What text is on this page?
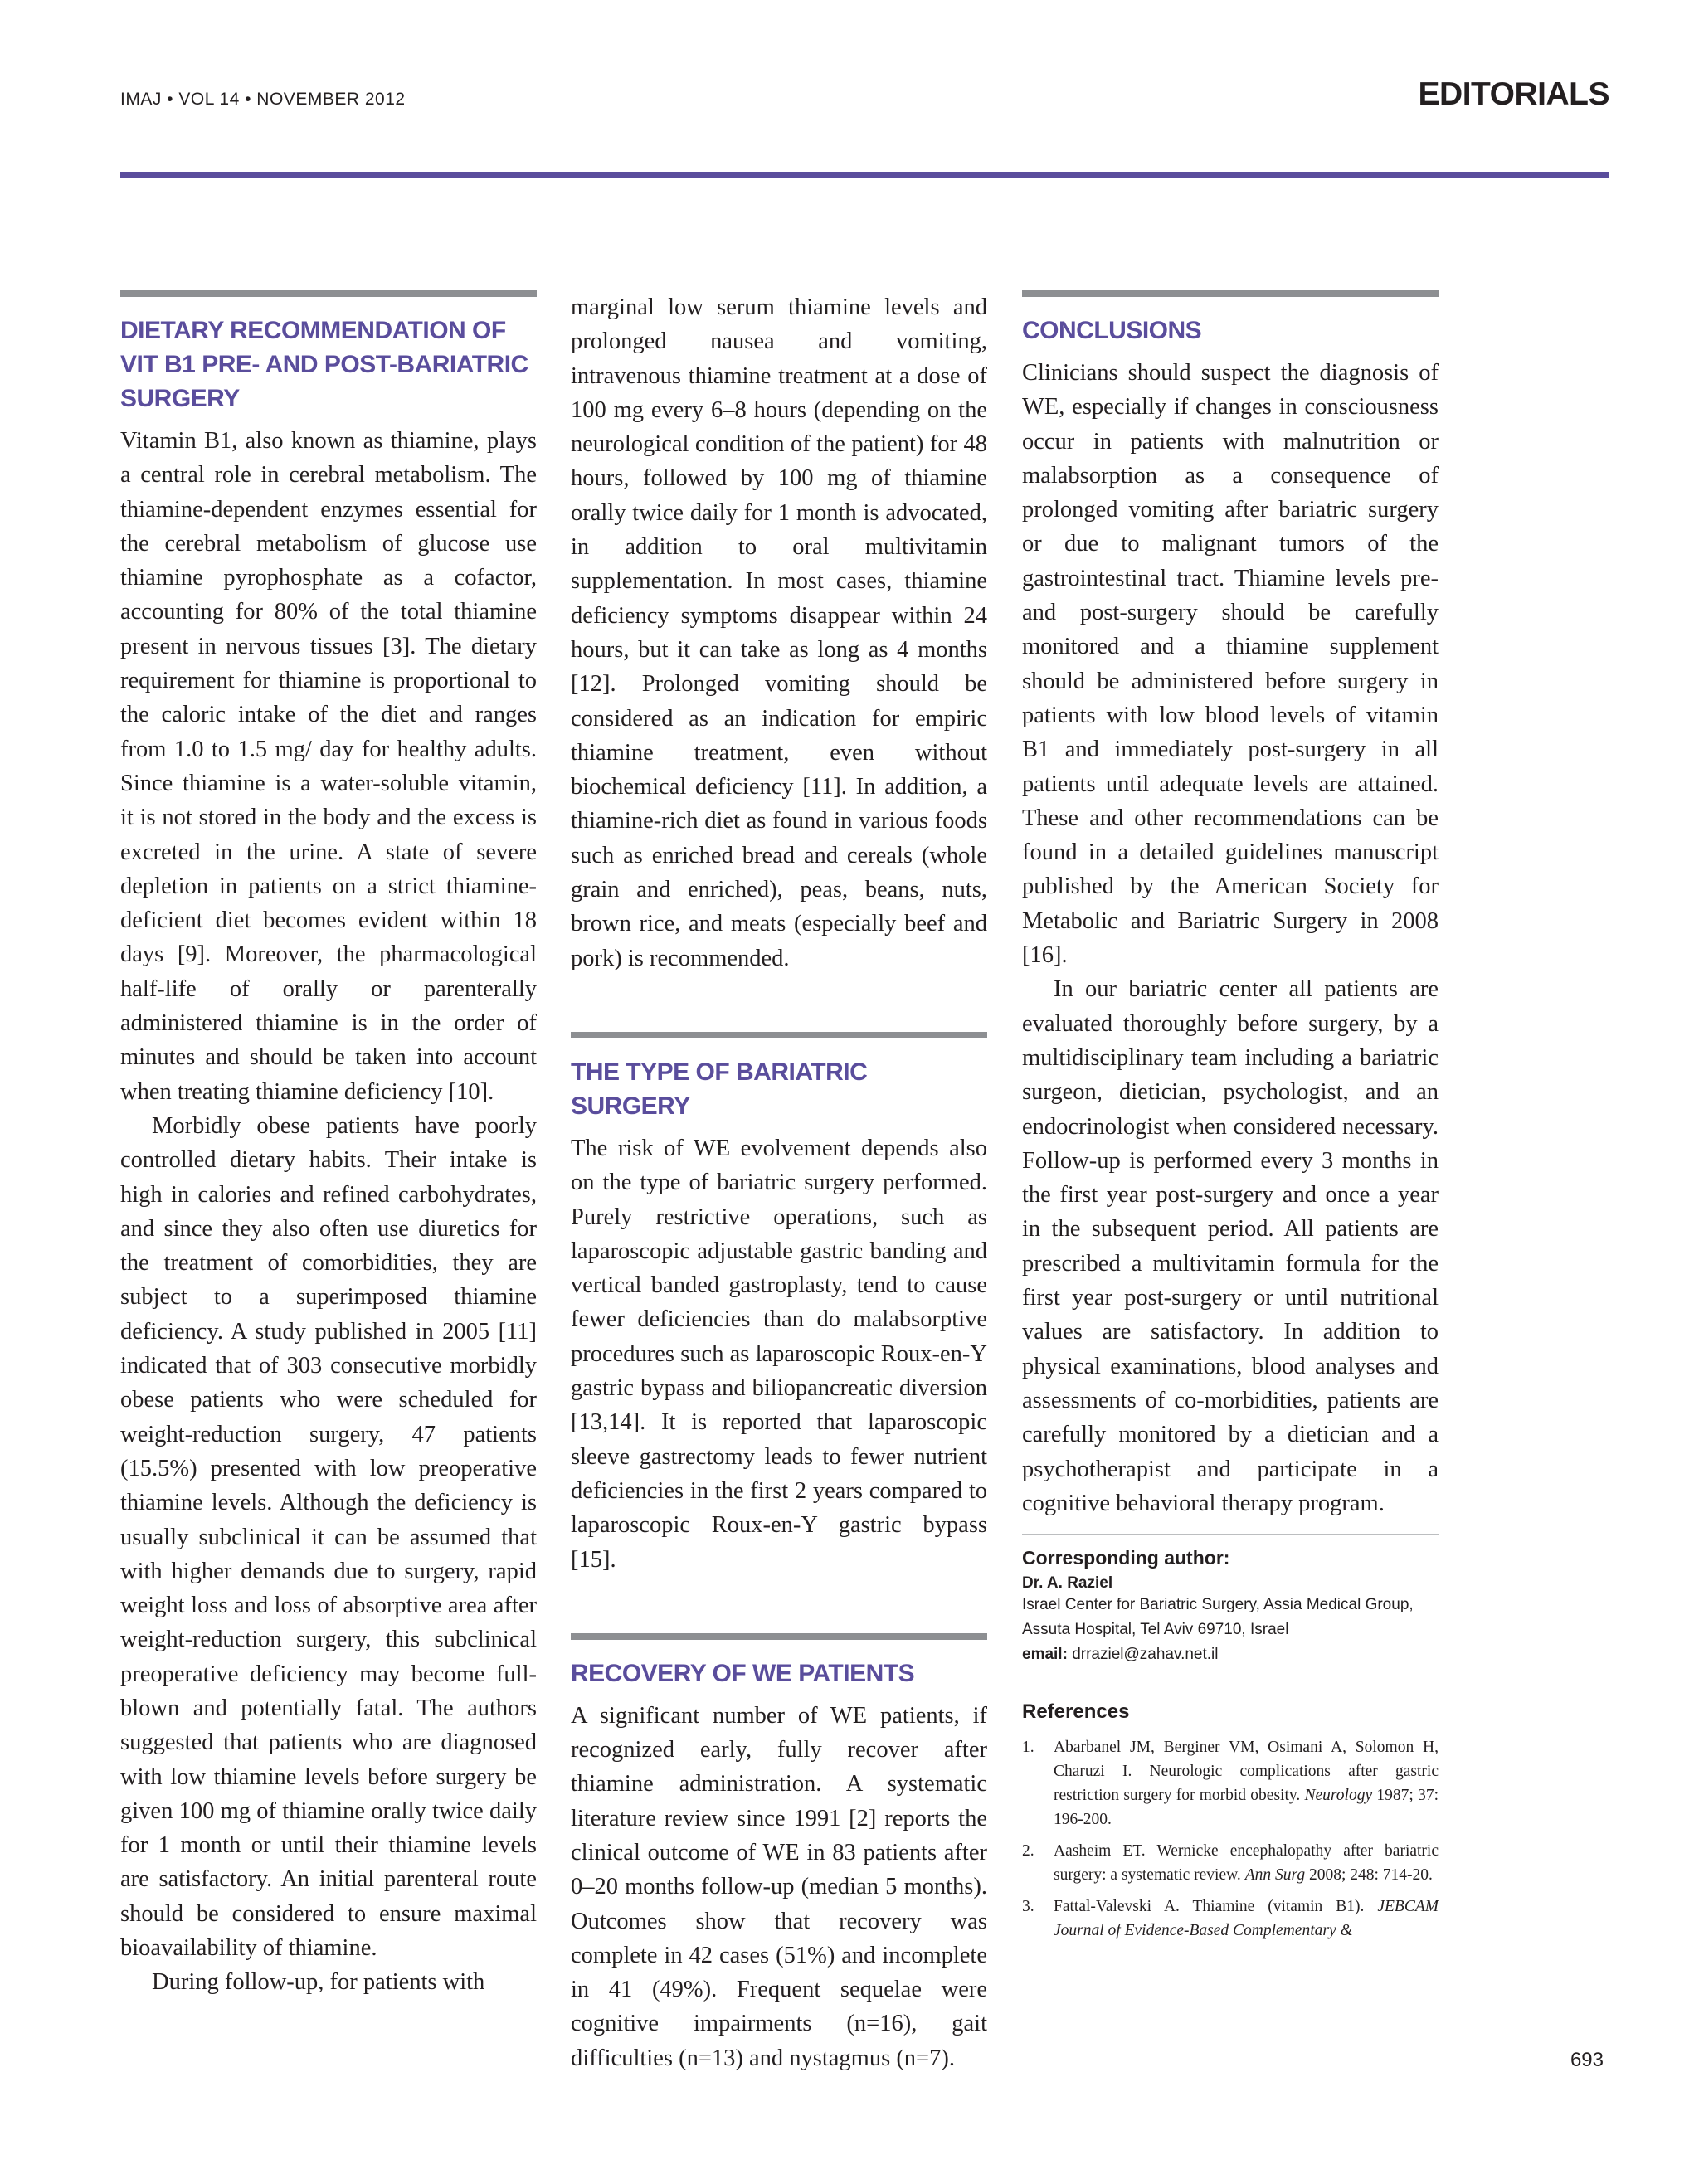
IMAJ • VOL 14 • NOVEMBER 2012	EDITORIALS
DIETARY RECOMMENDATION OF VIT B1 PRE- AND POST-BARIATRIC SURGERY

Vitamin B1, also known as thiamine, plays a central role in cerebral metabolism. The thiamine-dependent enzymes essential for the cerebral metabolism of glucose use thiamine pyrophosphate as a cofactor, accounting for 80% of the total thiamine present in nervous tissues [3]. The dietary requirement for thiamine is proportional to the caloric intake of the diet and ranges from 1.0 to 1.5 mg/ day for healthy adults. Since thiamine is a water-soluble vitamin, it is not stored in the body and the excess is excreted in the urine. A state of severe depletion in patients on a strict thiamine-deficient diet becomes evident within 18 days [9]. Moreover, the pharmacological half-life of orally or parenterally administered thiamine is in the order of minutes and should be taken into account when treating thiamine deficiency [10].

Morbidly obese patients have poorly controlled dietary habits. Their intake is high in calories and refined carbohydrates, and since they also often use diuretics for the treatment of comorbidities, they are subject to a superimposed thiamine deficiency. A study published in 2005 [11] indicated that of 303 consecutive morbidly obese patients who were scheduled for weight-reduction surgery, 47 patients (15.5%) presented with low preoperative thiamine levels. Although the deficiency is usually subclinical it can be assumed that with higher demands due to surgery, rapid weight loss and loss of absorptive area after weight-reduction surgery, this subclinical preoperative deficiency may become full-blown and potentially fatal. The authors suggested that patients who are diagnosed with low thiamine levels before surgery be given 100 mg of thiamine orally twice daily for 1 month or until their thiamine levels are satisfactory. An initial parenteral route should be considered to ensure maximal bioavailability of thiamine.

During follow-up, for patients with

marginal low serum thiamine levels and prolonged nausea and vomiting, intravenous thiamine treatment at a dose of 100 mg every 6–8 hours (depending on the neurological condition of the patient) for 48 hours, followed by 100 mg of thiamine orally twice daily for 1 month is advocated, in addition to oral multivitamin supplementation. In most cases, thiamine deficiency symptoms disappear within 24 hours, but it can take as long as 4 months [12]. Prolonged vomiting should be considered as an indication for empiric thiamine treatment, even without biochemical deficiency [11]. In addition, a thiamine-rich diet as found in various foods such as enriched bread and cereals (whole grain and enriched), peas, beans, nuts, brown rice, and meats (especially beef and pork) is recommended.

THE TYPE OF BARIATRIC SURGERY

The risk of WE evolvement depends also on the type of bariatric surgery performed. Purely restrictive operations, such as laparoscopic adjustable gastric banding and vertical banded gastroplasty, tend to cause fewer deficiencies than do malabsorptive procedures such as laparoscopic Roux-en-Y gastric bypass and biliopancreatic diversion [13,14]. It is reported that laparoscopic sleeve gastrectomy leads to fewer nutrient deficiencies in the first 2 years compared to laparoscopic Roux-en-Y gastric bypass [15].

RECOVERY OF WE PATIENTS

A significant number of WE patients, if recognized early, fully recover after thiamine administration. A systematic literature review since 1991 [2] reports the clinical outcome of WE in 83 patients after 0–20 months follow-up (median 5 months). Outcomes show that recovery was complete in 42 cases (51%) and incomplete in 41 (49%). Frequent sequelae were cognitive impairments (n=16), gait difficulties (n=13) and nystagmus (n=7).

CONCLUSIONS

Clinicians should suspect the diagnosis of WE, especially if changes in consciousness occur in patients with malnutrition or malabsorption as a consequence of prolonged vomiting after bariatric surgery or due to malignant tumors of the gastrointestinal tract. Thiamine levels pre- and post-surgery should be carefully monitored and a thiamine supplement should be administered before surgery in patients with low blood levels of vitamin B1 and immediately post-surgery in all patients until adequate levels are attained. These and other recommendations can be found in a detailed guidelines manuscript published by the American Society for Metabolic and Bariatric Surgery in 2008 [16].

In our bariatric center all patients are evaluated thoroughly before surgery, by a multidisciplinary team including a bariatric surgeon, dietician, psychologist, and an endocrinologist when considered necessary. Follow-up is performed every 3 months in the first year post-surgery and once a year in the subsequent period. All patients are prescribed a multivitamin formula for the first year post-surgery or until nutritional values are satisfactory. In addition to physical examinations, blood analyses and assessments of co-morbidities, patients are carefully monitored by a dietician and a psychotherapist and participate in a cognitive behavioral therapy program.

Corresponding author:
Dr. A. Raziel
Israel Center for Bariatric Surgery, Assia Medical Group,
Assuta Hospital, Tel Aviv 69710, Israel
email: drraziel@zahav.net.il
References
1.	Abarbanel JM, Berginer VM, Osimani A, Solomon H, Charuzi I. Neurologic complications after gastric restriction surgery for morbid obesity. Neurology 1987; 37: 196-200.
2.	Aasheim ET. Wernicke encephalopathy after bariatric surgery: a systematic review. Ann Surg 2008; 248: 714-20.
3.	Fattal-Valevski A. Thiamine (vitamin B1). JEBCAM Journal of Evidence-Based Complementary &
693
